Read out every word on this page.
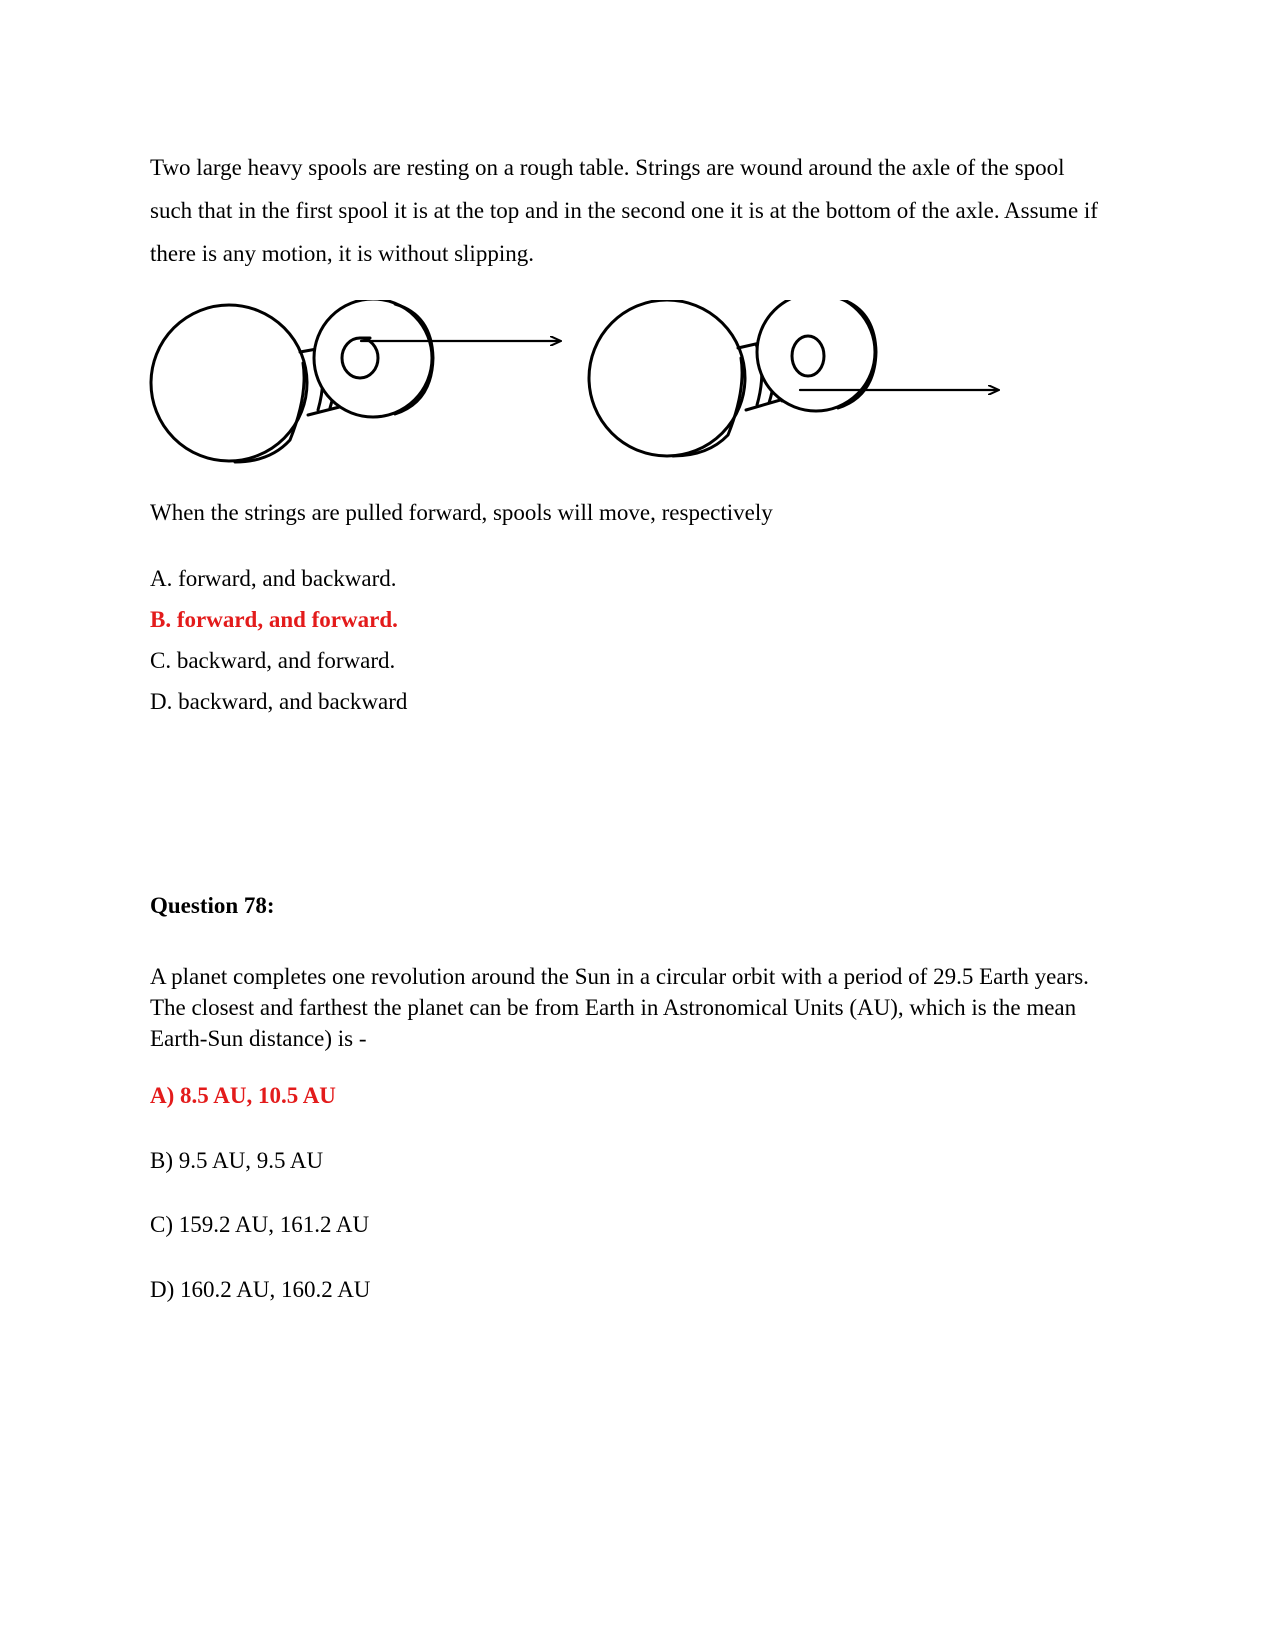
Two large heavy spools are resting on a rough table. Strings are wound around the axle of the spool such that in the first spool it is at the top and in the second one it is at the bottom of the axle. Assume if there is any motion, it is without slipping.
When the strings are pulled forward, spools will move, respectively
A. forward, and backward.
B. forward, and forward.
C. backward, and forward.
D. backward, and backward
Question 78:
A planet completes one revolution around the Sun in a circular orbit with a period of 29.5 Earth years. The closest and farthest the planet can be from Earth in Astronomical Units (AU), which is the mean Earth-Sun distance) is -
A) 8.5 AU, 10.5 AU
B) 9.5 AU, 9.5 AU
C) 159.2 AU, 161.2 AU
D) 160.2 AU, 160.2 AU
